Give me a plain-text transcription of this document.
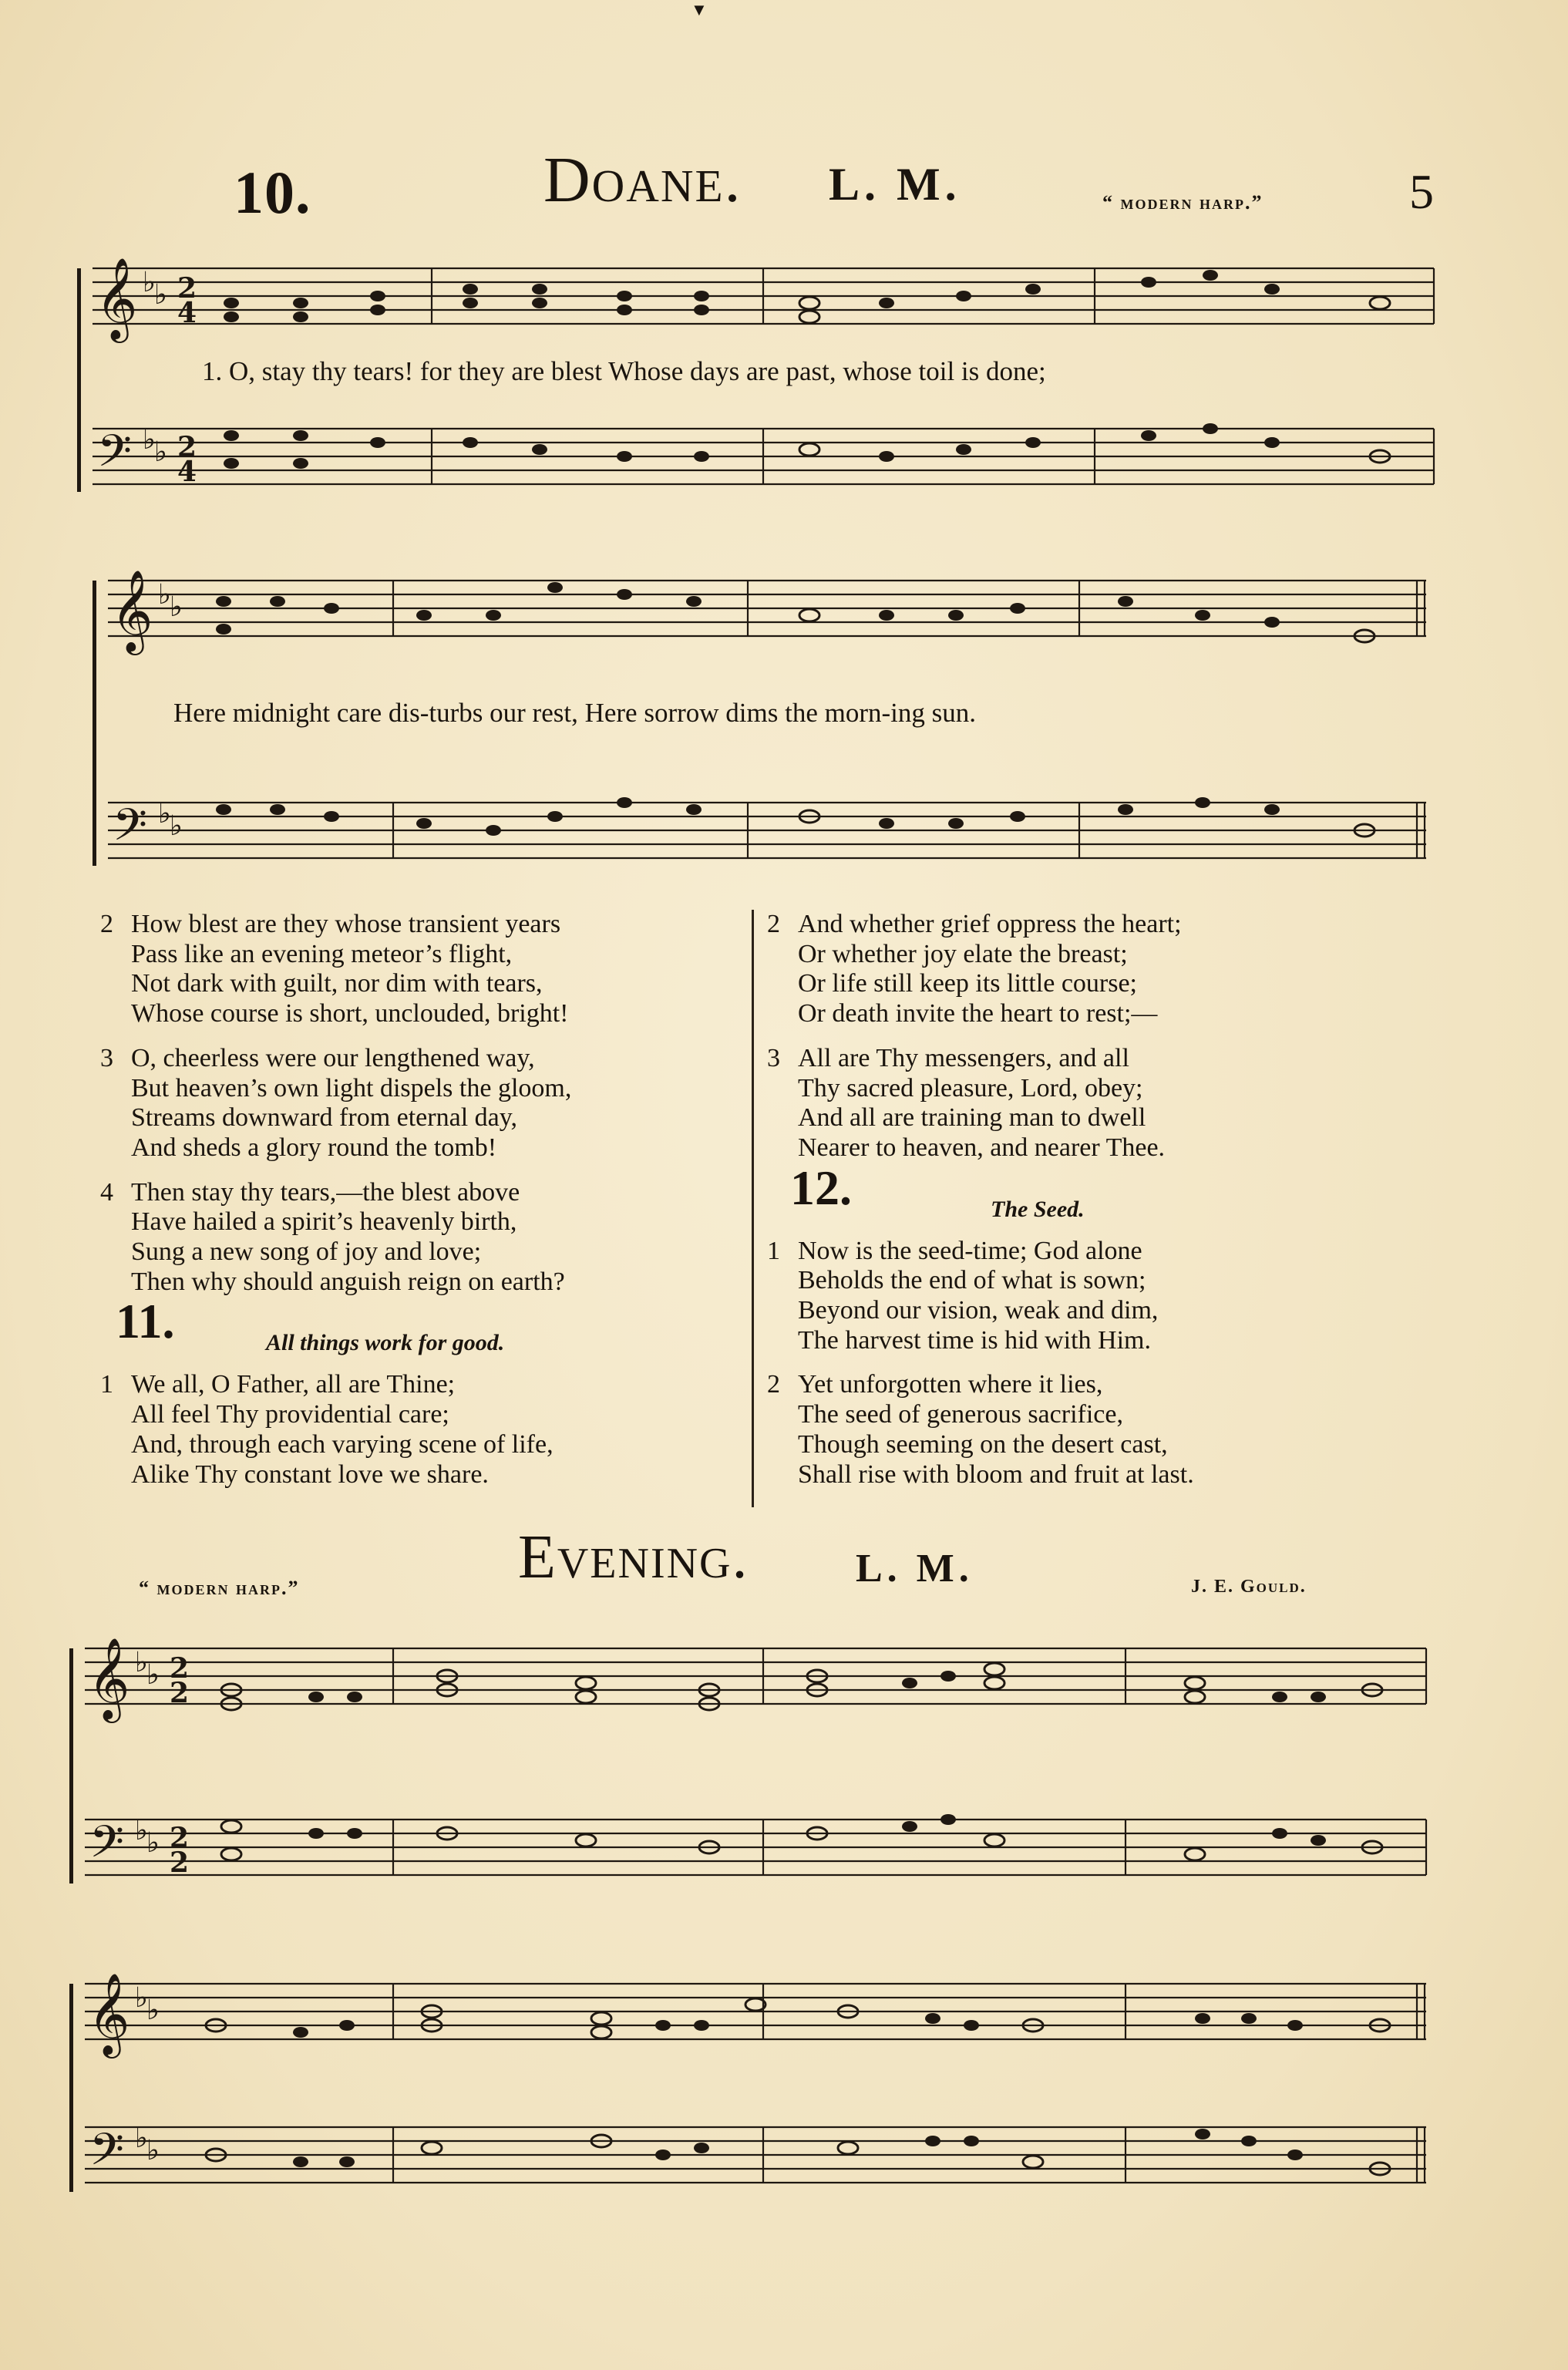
▼
10.	Doane. L. M.	“ modern harp.”	5
𝄞
𝄢
♭
♭
♭
♭
2
4
2
4
1. O, stay thy tears! for they are blest Whose days are past, whose toil is done;
𝄞
𝄢
♭
♭
♭
♭
Here midnight care dis-turbs our rest, Here sorrow dims the morn-ing sun.
2 How blest are they whose transient years
Pass like an evening meteor’s flight,
Not dark with guilt, nor dim with tears,
Whose course is short, unclouded, bright!
3 O, cheerless were our lengthened way,
But heaven’s own light dispels the gloom,
Streams downward from eternal day,
And sheds a glory round the tomb!
4 Then stay thy tears,—the blest above
Have hailed a spirit’s heavenly birth,
Sung a new song of joy and love;
Then why should anguish reign on earth?
11.	All things work for good.
1 We all, O Father, all are Thine;
All feel Thy providential care;
And, through each varying scene of life,
Alike Thy constant love we share.
2 And whether grief oppress the heart;
Or whether joy elate the breast;
Or life still keep its little course;
Or death invite the heart to rest;—
3 All are Thy messengers, and all
Thy sacred pleasure, Lord, obey;
And all are training man to dwell
Nearer to heaven, and nearer Thee.
12.	The Seed.
1 Now is the seed-time; God alone
Beholds the end of what is sown;
Beyond our vision, weak and dim,
The harvest time is hid with Him.
2 Yet unforgotten where it lies,
The seed of generous sacrifice,
Though seeming on the desert cast,
Shall rise with bloom and fruit at last.
“ modern harp.”	Evening.	L. M.	J. E. Gould.
𝄞
𝄢
♭
♭
♭
♭
2
2
2
2
𝄞
𝄢
♭
♭
♭
♭
